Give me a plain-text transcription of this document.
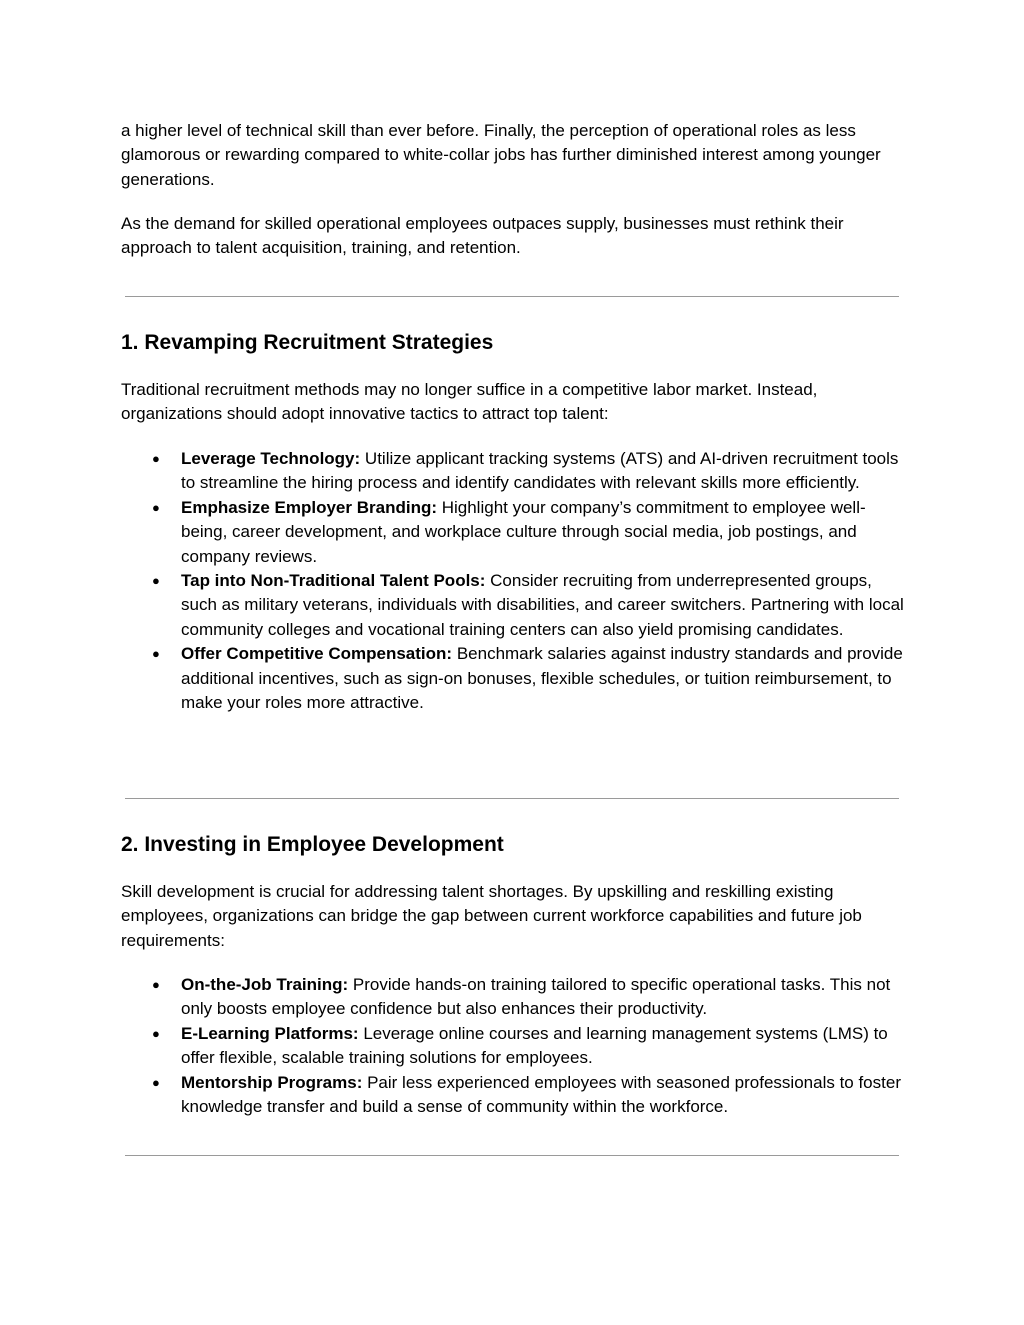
a higher level of technical skill than ever before. Finally, the perception of operational roles as less glamorous or rewarding compared to white-collar jobs has further diminished interest among younger generations.

As the demand for skilled operational employees outpaces supply, businesses must rethink their approach to talent acquisition, training, and retention.

1. Revamping Recruitment Strategies

Traditional recruitment methods may no longer suffice in a competitive labor market. Instead, organizations should adopt innovative tactics to attract top talent:

● Leverage Technology: Utilize applicant tracking systems (ATS) and AI-driven recruitment tools to streamline the hiring process and identify candidates with relevant skills more efficiently.
● Emphasize Employer Branding: Highlight your company’s commitment to employee well-being, career development, and workplace culture through social media, job postings, and company reviews.
● Tap into Non-Traditional Talent Pools: Consider recruiting from underrepresented groups, such as military veterans, individuals with disabilities, and career switchers. Partnering with local community colleges and vocational training centers can also yield promising candidates.
● Offer Competitive Compensation: Benchmark salaries against industry standards and provide additional incentives, such as sign-on bonuses, flexible schedules, or tuition reimbursement, to make your roles more attractive.
2. Investing in Employee Development

Skill development is crucial for addressing talent shortages. By upskilling and reskilling existing employees, organizations can bridge the gap between current workforce capabilities and future job requirements:

● On-the-Job Training: Provide hands-on training tailored to specific operational tasks. This not only boosts employee confidence but also enhances their productivity.
● E-Learning Platforms: Leverage online courses and learning management systems (LMS) to offer flexible, scalable training solutions for employees.
● Mentorship Programs: Pair less experienced employees with seasoned professionals to foster knowledge transfer and build a sense of community within the workforce.
